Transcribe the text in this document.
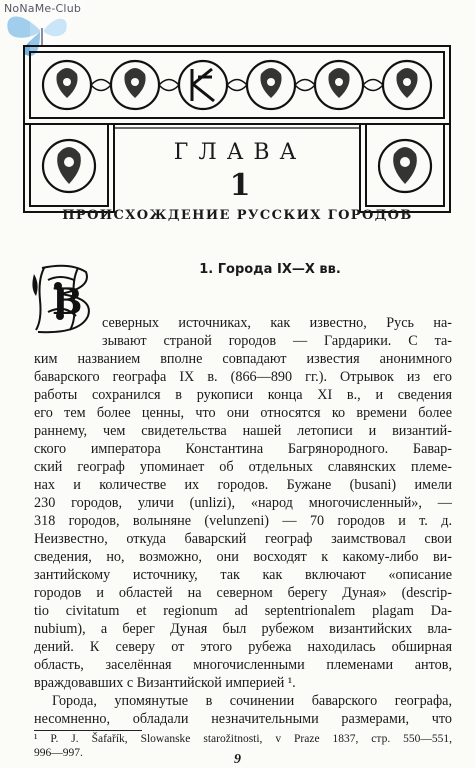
NoNaMe-Club
ГЛАВА
1
ПРОИСХОЖДЕНИЕ РУССКИХ ГОРОДОВ
В
1. Города IX—X вв.
северных источниках, как известно, Русь на-
зывают страной городов — Гардарики. С та-
ким названием вполне совпадают известия анонимного
баварского географа IX в. (866—890 гг.). Отрывок из его
работы сохранился в рукописи конца XI в., и сведения
его тем более ценны, что они относятся ко времени более
раннему, чем свидетельства нашей летописи и византий-
ского императора Константина Багрянородного. Бавар-
ский географ упоминает об отдельных славянских племе-
нах и количестве их городов. Бужане (busani) имели
230 городов, уличи (unlizi), «народ многочисленный», —
318 городов, волыняне (velunzeni) — 70 городов и т. д.
Неизвестно, откуда баварский географ заимствовал свои
сведения, но, возможно, они восходят к какому-либо ви-
зантийскому источнику, так как включают «описание
городов и областей на северном берегу Дуная» (descrip-
tio civitatum et regionum ad septentrionalem plagam Da-
nubium), а берег Дуная был рубежом византийских вла-
дений. К северу от этого рубежа находилась обширная
область, заселённая многочисленными племенами антов,
враждовавших с Византийской империей ¹.
Города, упомянутые в сочинении баварского географа,
несомненно, обладали незначительными размерами, что
¹ P. J. Šafařík, Slowanske starožitnosti, v Praze 1837, стр. 550—551,
996—997.	9
